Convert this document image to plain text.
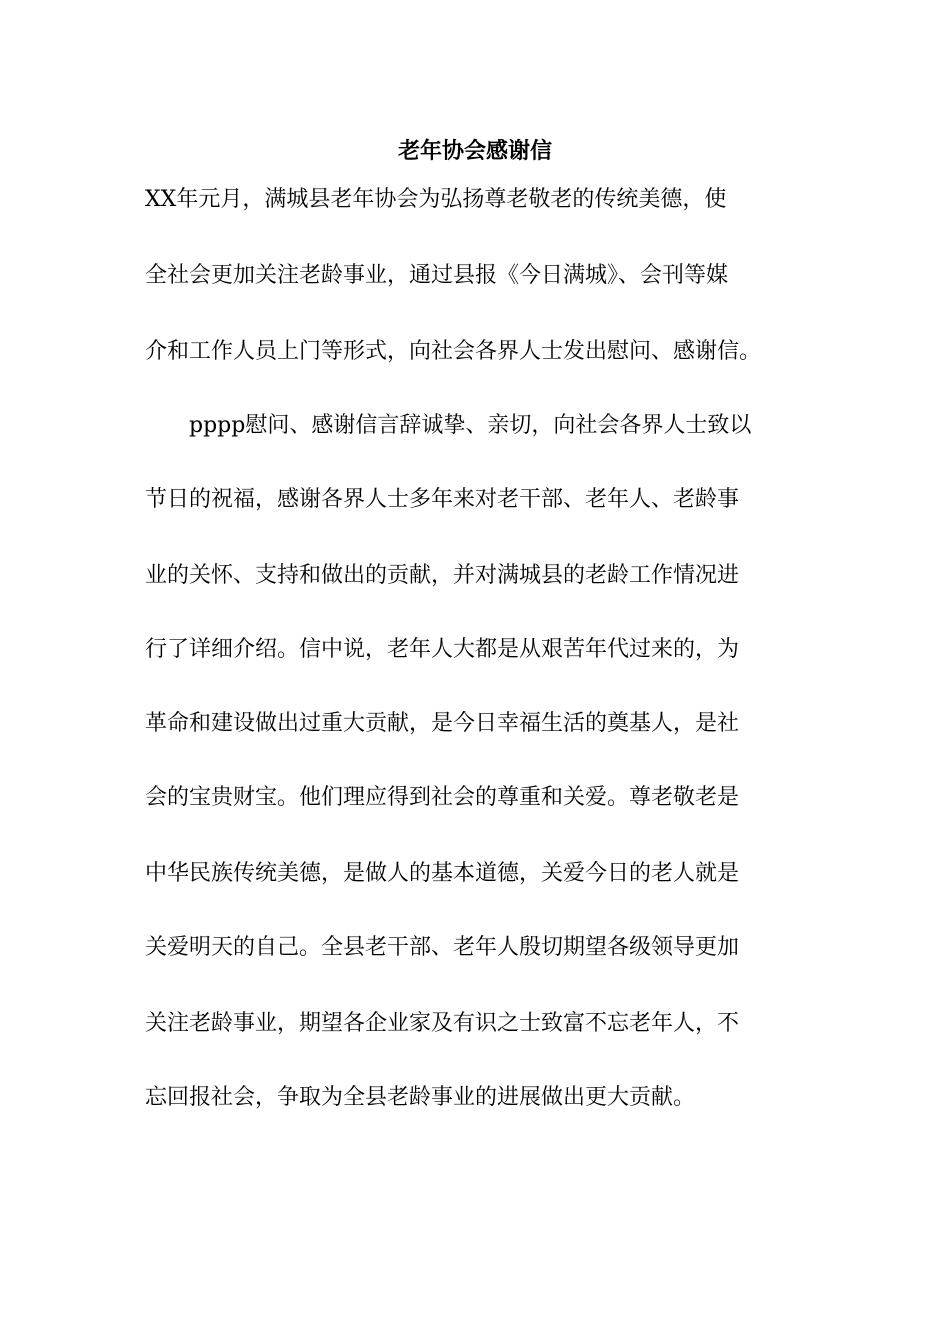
老年协会感谢信
XX年元月，满城县老年协会为弘扬尊老敬老的传统美德，使
全社会更加关注老龄事业，通过县报《今日满城》、会刊等媒
介和工作人员上门等形式，向社会各界人士发出慰问、感谢信。
　　pppp慰问、感谢信言辞诚挚、亲切，向社会各界人士致以
节日的祝福，感谢各界人士多年来对老干部、老年人、老龄事
业的关怀、支持和做出的贡献，并对满城县的老龄工作情况进
行了详细介绍。信中说，老年人大都是从艰苦年代过来的，为
革命和建设做出过重大贡献，是今日幸福生活的奠基人，是社
会的宝贵财宝。他们理应得到社会的尊重和关爱。尊老敬老是
中华民族传统美德，是做人的基本道德，关爱今日的老人就是
关爱明天的自己。全县老干部、老年人殷切期望各级领导更加
关注老龄事业，期望各企业家及有识之士致富不忘老年人，不
忘回报社会，争取为全县老龄事业的进展做出更大贡献。
